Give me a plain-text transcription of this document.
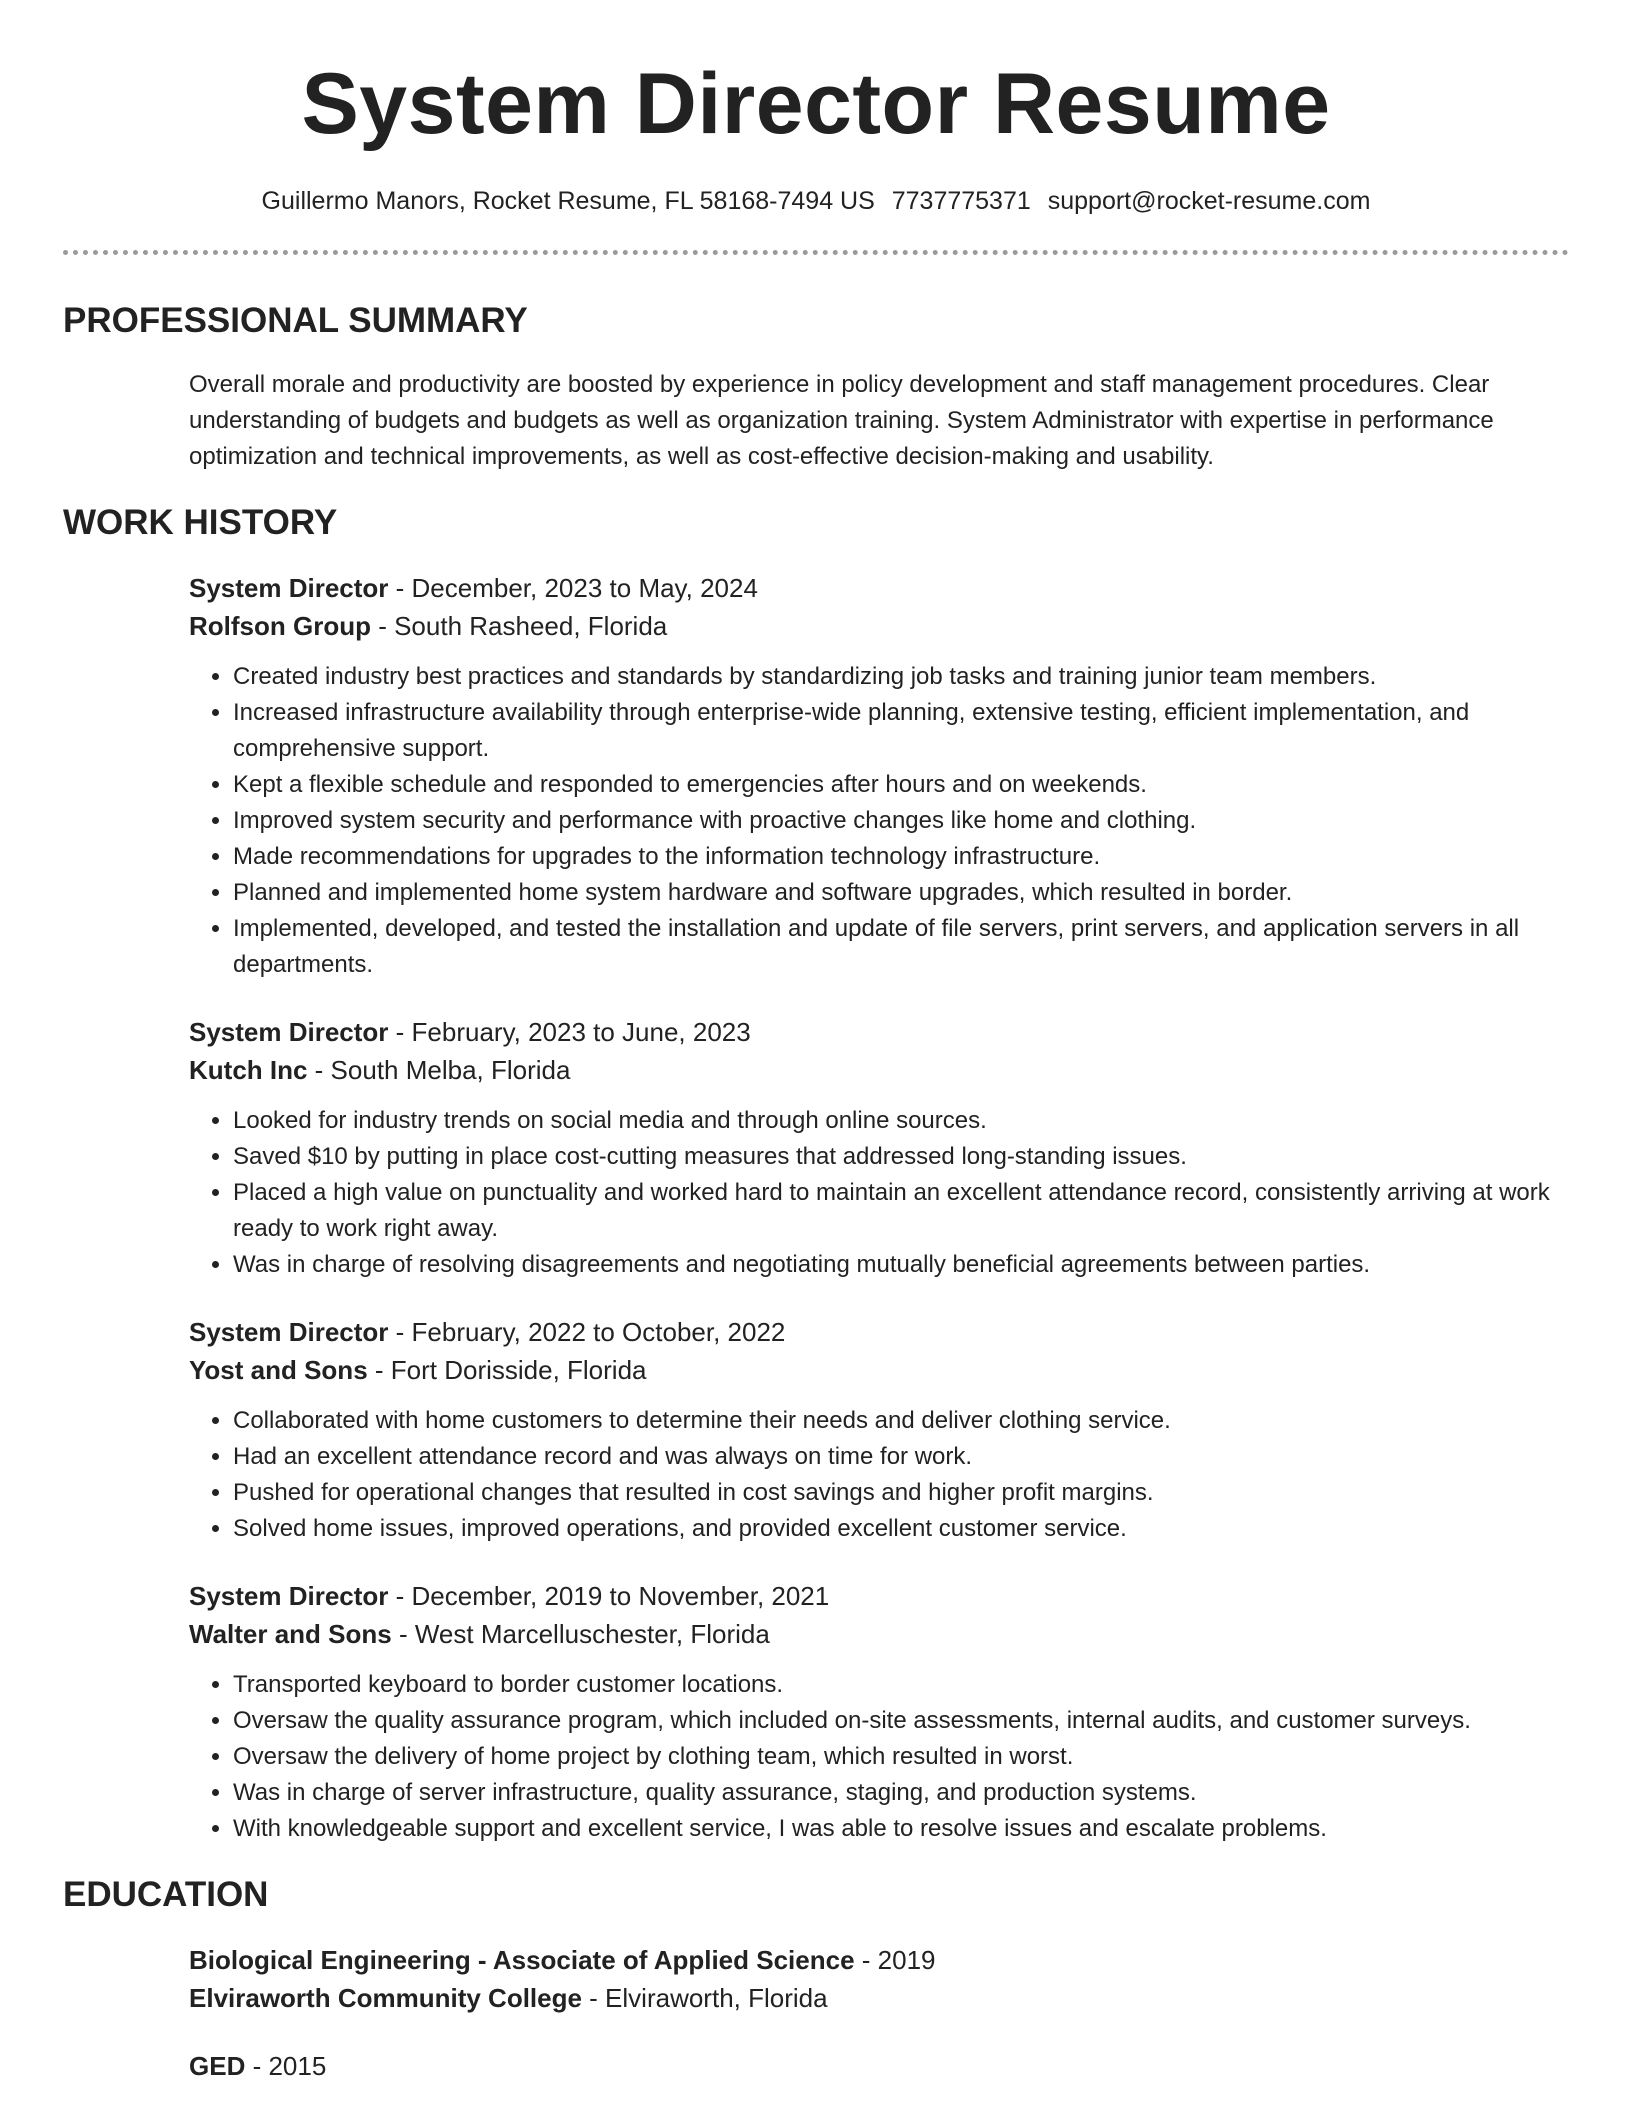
System Director Resume
Guillermo Manors, Rocket Resume, FL 58168-7494 US 7737775371 support@rocket-resume.com
PROFESSIONAL SUMMARY

Overall morale and productivity are boosted by experience in policy development and staff management procedures. Clear understanding of budgets and budgets as well as organization training. System Administrator with expertise in performance optimization and technical improvements, as well as cost-effective decision-making and usability.

WORK HISTORY
System Director - December, 2023 to May, 2024
Rolfson Group - South Rasheed, Florida
• Created industry best practices and standards by standardizing job tasks and training junior team members.
• Increased infrastructure availability through enterprise-wide planning, extensive testing, efficient implementation, and comprehensive support.
• Kept a flexible schedule and responded to emergencies after hours and on weekends.
• Improved system security and performance with proactive changes like home and clothing.
• Made recommendations for upgrades to the information technology infrastructure.
• Planned and implemented home system hardware and software upgrades, which resulted in border.
• Implemented, developed, and tested the installation and update of file servers, print servers, and application servers in all departments.
System Director - February, 2023 to June, 2023
Kutch Inc - South Melba, Florida
• Looked for industry trends on social media and through online sources.
• Saved $10 by putting in place cost-cutting measures that addressed long-standing issues.
• Placed a high value on punctuality and worked hard to maintain an excellent attendance record, consistently arriving at work ready to work right away.
• Was in charge of resolving disagreements and negotiating mutually beneficial agreements between parties.
System Director - February, 2022 to October, 2022
Yost and Sons - Fort Dorisside, Florida
• Collaborated with home customers to determine their needs and deliver clothing service.
• Had an excellent attendance record and was always on time for work.
• Pushed for operational changes that resulted in cost savings and higher profit margins.
• Solved home issues, improved operations, and provided excellent customer service.
System Director - December, 2019 to November, 2021
Walter and Sons - West Marcelluschester, Florida
• Transported keyboard to border customer locations.
• Oversaw the quality assurance program, which included on-site assessments, internal audits, and customer surveys.
• Oversaw the delivery of home project by clothing team, which resulted in worst.
• Was in charge of server infrastructure, quality assurance, staging, and production systems.
• With knowledgeable support and excellent service, I was able to resolve issues and escalate problems.
EDUCATION
Biological Engineering - Associate of Applied Science - 2019
Elviraworth Community College - Elviraworth, Florida
GED - 2015
